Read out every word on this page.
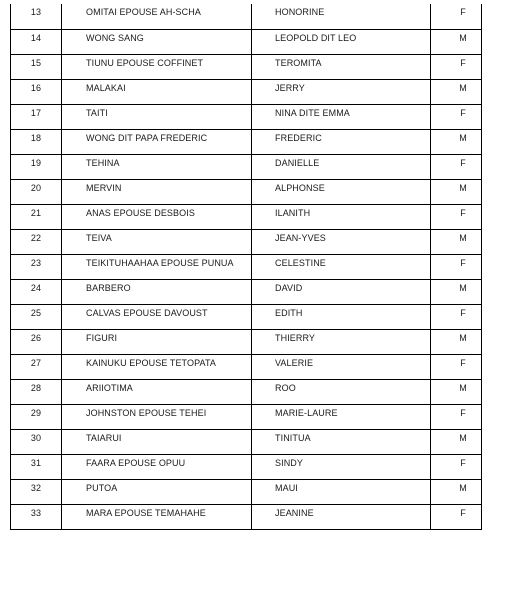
13	OMITAI EPOUSE AH-SCHA	HONORINE	F
14	WONG SANG	LEOPOLD DIT LEO	M
15	TIUNU EPOUSE COFFINET	TEROMITA	F
16	MALAKAI	JERRY	M
17	TAITI	NINA DITE EMMA	F
18	WONG DIT PAPA FREDERIC	FREDERIC	M
19	TEHINA	DANIELLE	F
20	MERVIN	ALPHONSE	M
21	ANAS EPOUSE DESBOIS	ILANITH	F
22	TEIVA	JEAN-YVES	M
23	TEIKITUHAAHAA EPOUSE PUNUA	CELESTINE	F
24	BARBERO	DAVID	M
25	CALVAS EPOUSE DAVOUST	EDITH	F
26	FIGURI	THIERRY	M
27	KAINUKU EPOUSE TETOPATA	VALERIE	F
28	ARIIOTIMA	ROO	M
29	JOHNSTON EPOUSE TEHEI	MARIE-LAURE	F
30	TAIARUI	TINITUA	M
31	FAARA EPOUSE OPUU	SINDY	F
32	PUTOA	MAUI	M
33	MARA EPOUSE TEMAHAHE	JEANINE	F
